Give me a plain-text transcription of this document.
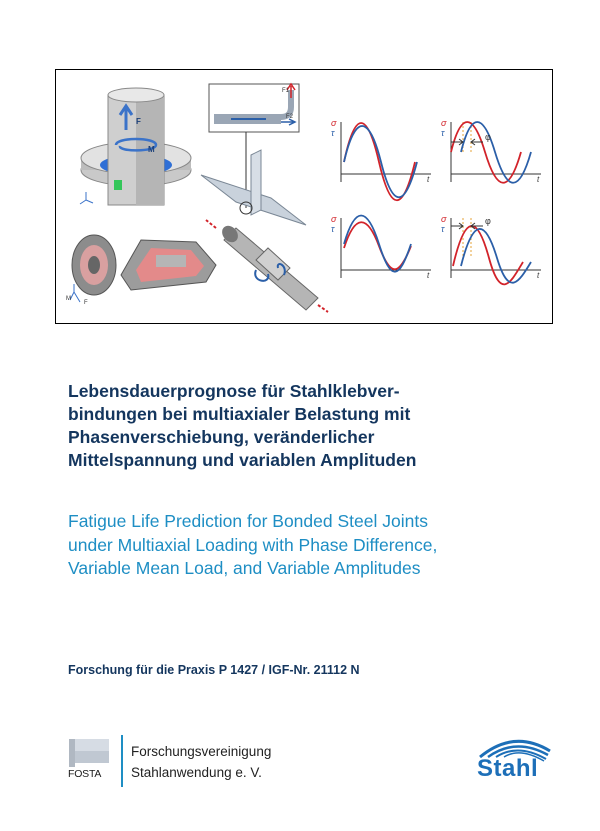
F
M
F1
F2
σ
τ
t
σ
τ
t
φ
σ
τ
t
σ
τ
t
φ
M
F
Lebensdauerprognose für Stahlklebver-
bindungen bei multiaxialer Belastung mit
Phasenverschiebung, veränderlicher
Mittelspannung und variablen Amplituden
Fatigue Life Prediction for Bonded Steel Joints
under Multiaxial Loading with Phase Difference,
Variable Mean Load, and Variable Amplitudes
Forschung für die Praxis P 1427 / IGF-Nr. 21112 N
FOSTA
Forschungsvereinigung
Stahlanwendung e. V.	Stahl
